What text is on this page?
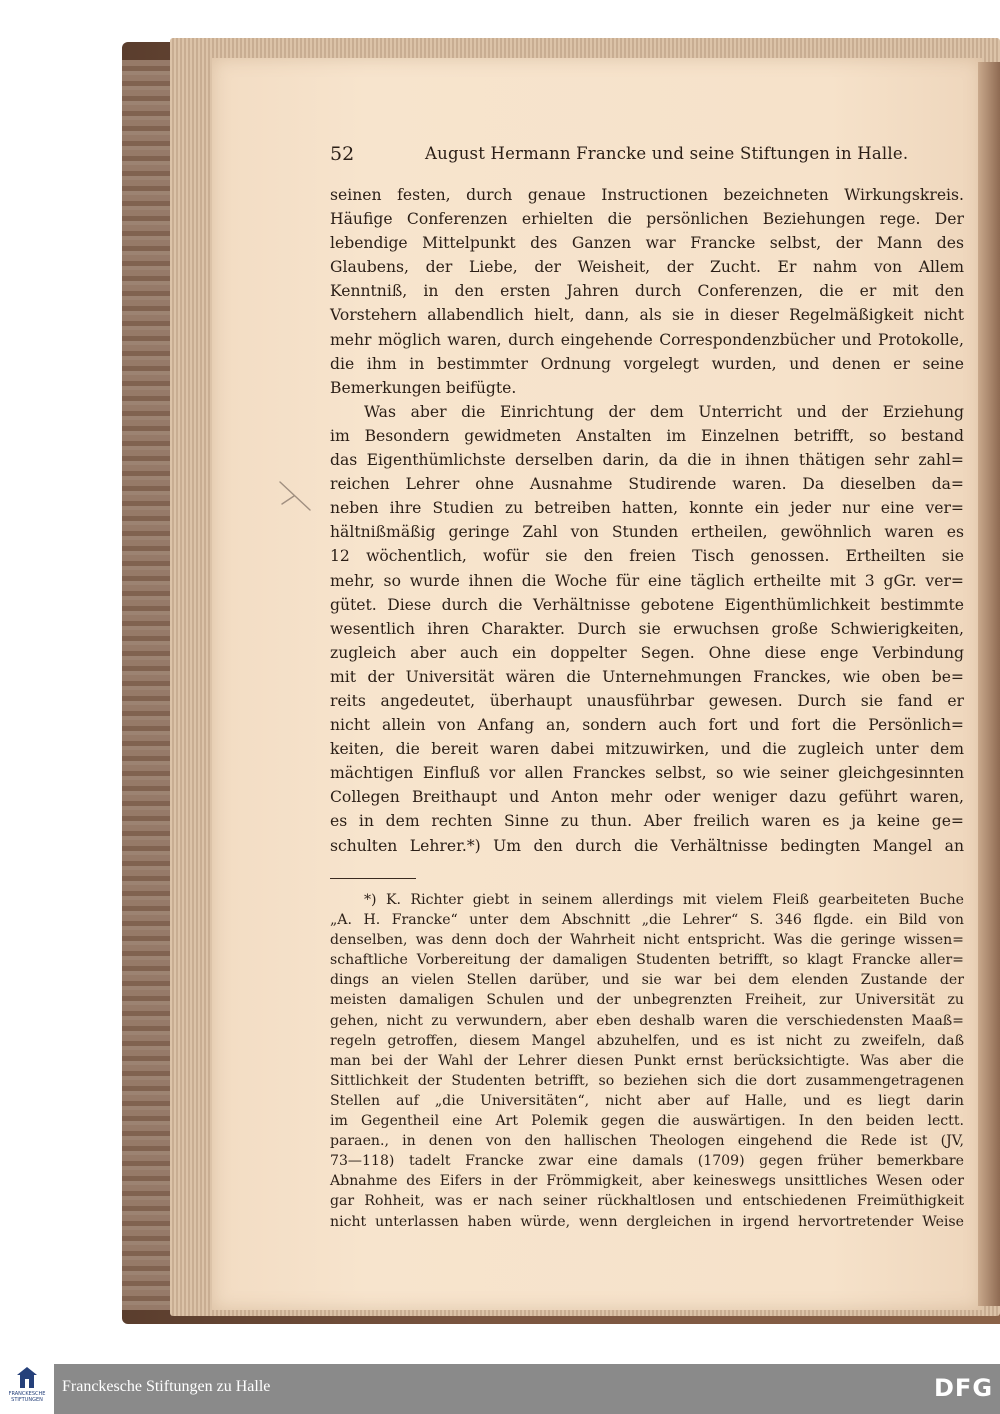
52	August Hermann Francke und seine Stiftungen in Halle.
seinen festen, durch genaue Instructionen bezeichneten Wirkungskreis.
Häufige Conferenzen erhielten die persönlichen Beziehungen rege. Der
lebendige Mittelpunkt des Ganzen war Francke selbst, der Mann des
Glaubens, der Liebe, der Weisheit, der Zucht. Er nahm von Allem
Kenntniß, in den ersten Jahren durch Conferenzen, die er mit den
Vorstehern allabendlich hielt, dann, als sie in dieser Regelmäßigkeit nicht
mehr möglich waren, durch eingehende Correspondenzbücher und Protokolle,
die ihm in bestimmter Ordnung vorgelegt wurden, und denen er seine
Bemerkungen beifügte.
Was aber die Einrichtung der dem Unterricht und der Erziehung
im Besondern gewidmeten Anstalten im Einzelnen betrifft, so bestand
das Eigenthümlichste derselben darin, da die in ihnen thätigen sehr zahl=
reichen Lehrer ohne Ausnahme Studirende waren. Da dieselben da=
neben ihre Studien zu betreiben hatten, konnte ein jeder nur eine ver=
hältnißmäßig geringe Zahl von Stunden ertheilen, gewöhnlich waren es
12 wöchentlich, wofür sie den freien Tisch genossen. Ertheilten sie
mehr, so wurde ihnen die Woche für eine täglich ertheilte mit 3 gGr. ver=
gütet. Diese durch die Verhältnisse gebotene Eigenthümlichkeit bestimmte
wesentlich ihren Charakter. Durch sie erwuchsen große Schwierigkeiten,
zugleich aber auch ein doppelter Segen. Ohne diese enge Verbindung
mit der Universität wären die Unternehmungen Franckes, wie oben be=
reits angedeutet, überhaupt unausführbar gewesen. Durch sie fand er
nicht allein von Anfang an, sondern auch fort und fort die Persönlich=
keiten, die bereit waren dabei mitzuwirken, und die zugleich unter dem
mächtigen Einfluß vor allen Franckes selbst, so wie seiner gleichgesinnten
Collegen Breithaupt und Anton mehr oder weniger dazu geführt waren,
es in dem rechten Sinne zu thun. Aber freilich waren es ja keine ge=
schulten Lehrer.*) Um den durch die Verhältnisse bedingten Mangel an
*) K. Richter giebt in seinem allerdings mit vielem Fleiß gearbeiteten Buche
„A. H. Francke“ unter dem Abschnitt „die Lehrer“ S. 346 flgde. ein Bild von
denselben, was denn doch der Wahrheit nicht entspricht. Was die geringe wissen=
schaftliche Vorbereitung der damaligen Studenten betrifft, so klagt Francke aller=
dings an vielen Stellen darüber, und sie war bei dem elenden Zustande der
meisten damaligen Schulen und der unbegrenzten Freiheit, zur Universität zu
gehen, nicht zu verwundern, aber eben deshalb waren die verschiedensten Maaß=
regeln getroffen, diesem Mangel abzuhelfen, und es ist nicht zu zweifeln, daß
man bei der Wahl der Lehrer diesen Punkt ernst berücksichtigte. Was aber die
Sittlichkeit der Studenten betrifft, so beziehen sich die dort zusammengetragenen
Stellen auf „die Universitäten“, nicht aber auf Halle, und es liegt darin
im Gegentheil eine Art Polemik gegen die auswärtigen. In den beiden lectt.
paraen., in denen von den hallischen Theologen eingehend die Rede ist (JV,
73—118) tadelt Francke zwar eine damals (1709) gegen früher bemerkbare
Abnahme des Eifers in der Frömmigkeit, aber keineswegs unsittliches Wesen oder
gar Rohheit, was er nach seiner rückhaltlosen und entschiedenen Freimüthigkeit
nicht unterlassen haben würde, wenn dergleichen in irgend hervortretender Weise
FRANCKESCHE
STIFTUNGEN
Franckesche Stiftungen zu Halle	DFG
